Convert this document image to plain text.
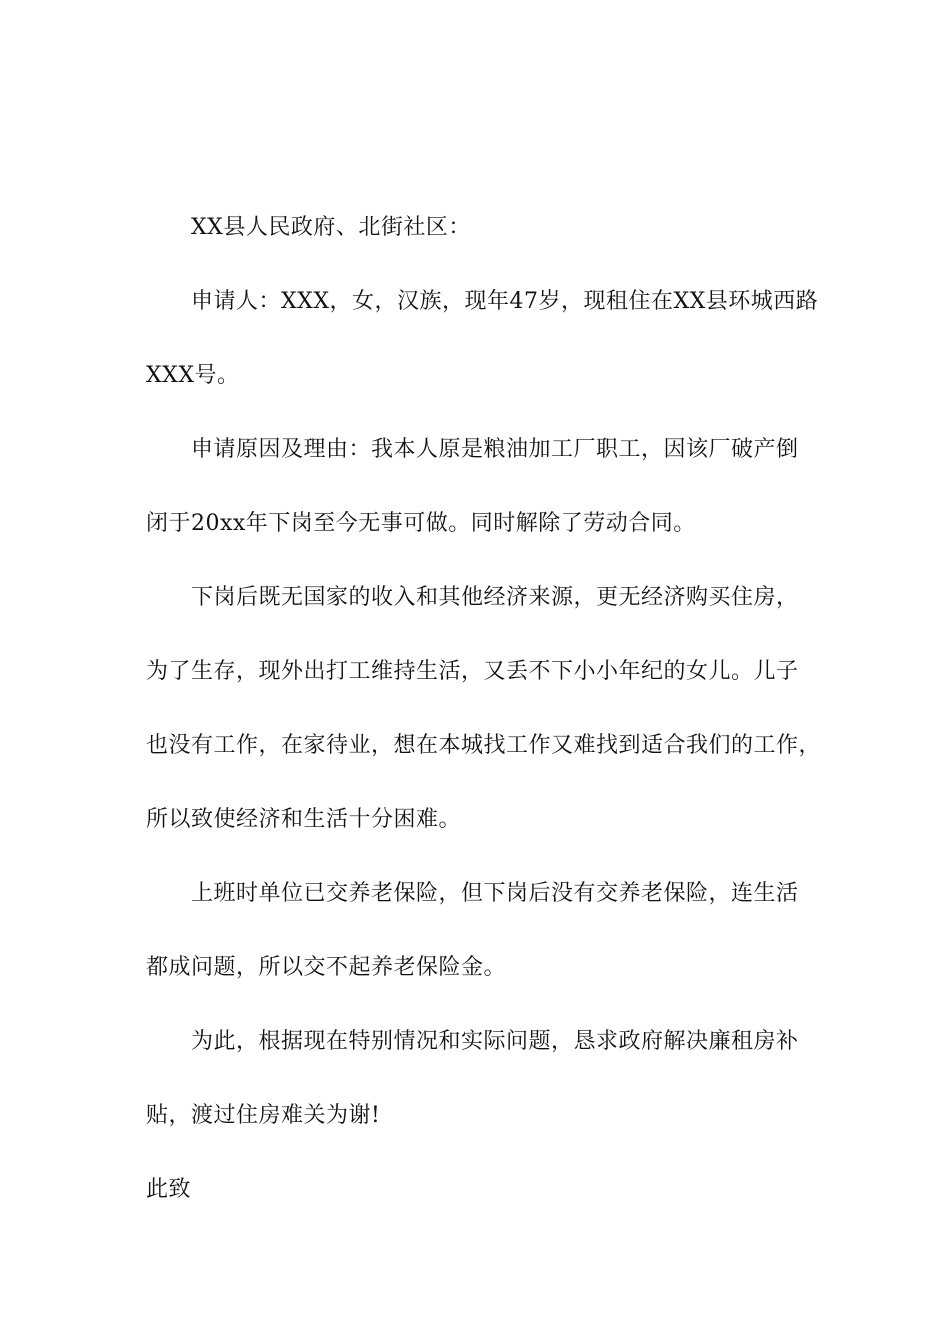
XX县人民政府、北街社区：
申请人：XXX，女，汉族，现年47岁，现租住在XX县环城西路
XXX号。
申请原因及理由：我本人原是粮油加工厂职工，因该厂破产倒
闭于20xx年下岗至今无事可做。同时解除了劳动合同。
下岗后既无国家的收入和其他经济来源，更无经济购买住房，
为了生存，现外出打工维持生活，又丢不下小小年纪的女儿。儿子
也没有工作，在家待业，想在本城找工作又难找到适合我们的工作，
所以致使经济和生活十分困难。
上班时单位已交养老保险，但下岗后没有交养老保险，连生活
都成问题，所以交不起养老保险金。
为此，根据现在特别情况和实际问题，恳求政府解决廉租房补
贴，渡过住房难关为谢!
此致
